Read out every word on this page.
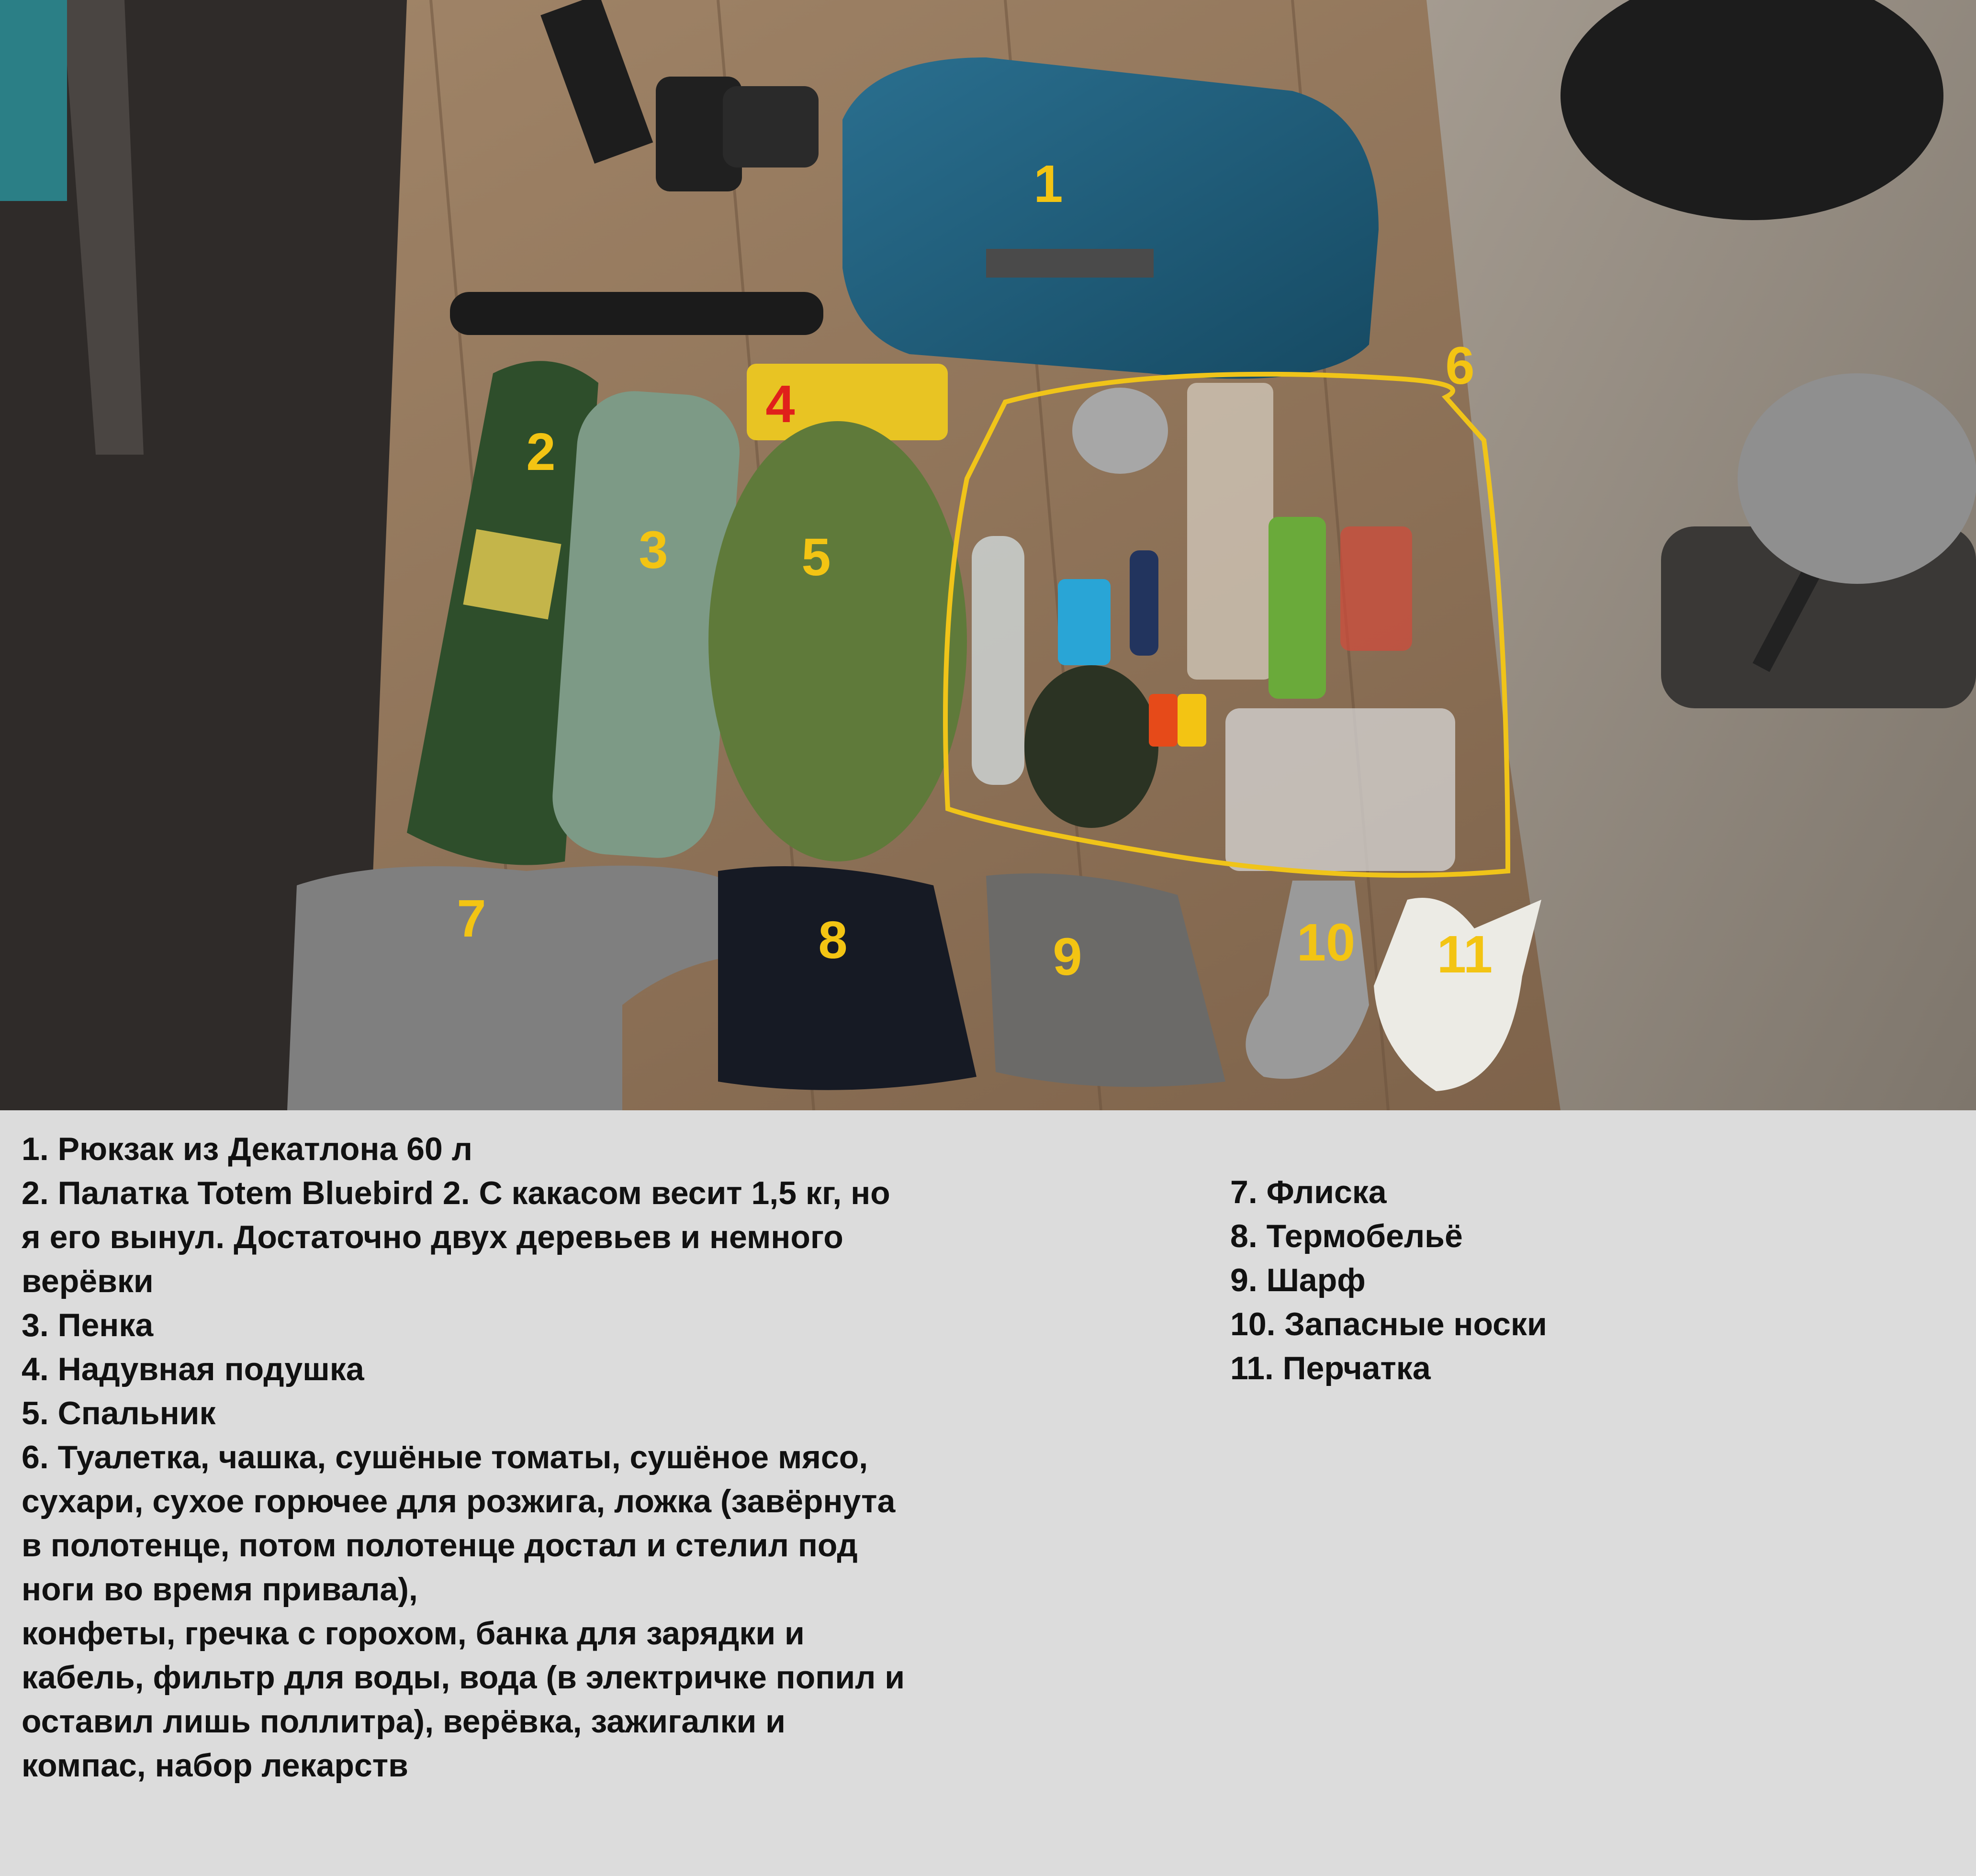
1
2
3
4
5
6
7	8	9	10 11
1. Рюкзак из Декатлона 60 л
2. Палатка Totem Bluebird 2. С какасом весит 1,5 кг, но
я его вынул. Достаточно двух деревьев и немного
верёвки
3. Пенка
4. Надувная подушка
5. Спальник
6. Туалетка, чашка, сушёные томаты, сушёное мясо,
сухари, сухое горючее для розжига, ложка (завёрнута
в полотенце, потом полотенце достал и стелил под
ноги во время привала),
конфеты, гречка с горохом, банка для зарядки и
кабель, фильтр для воды, вода (в электричке попил и
оставил лишь поллитра), верёвка, зажигалки и
компас, набор лекарств
7. Флиска
8. Термобельё
9. Шарф
10. Запасные носки
11. Перчатка
